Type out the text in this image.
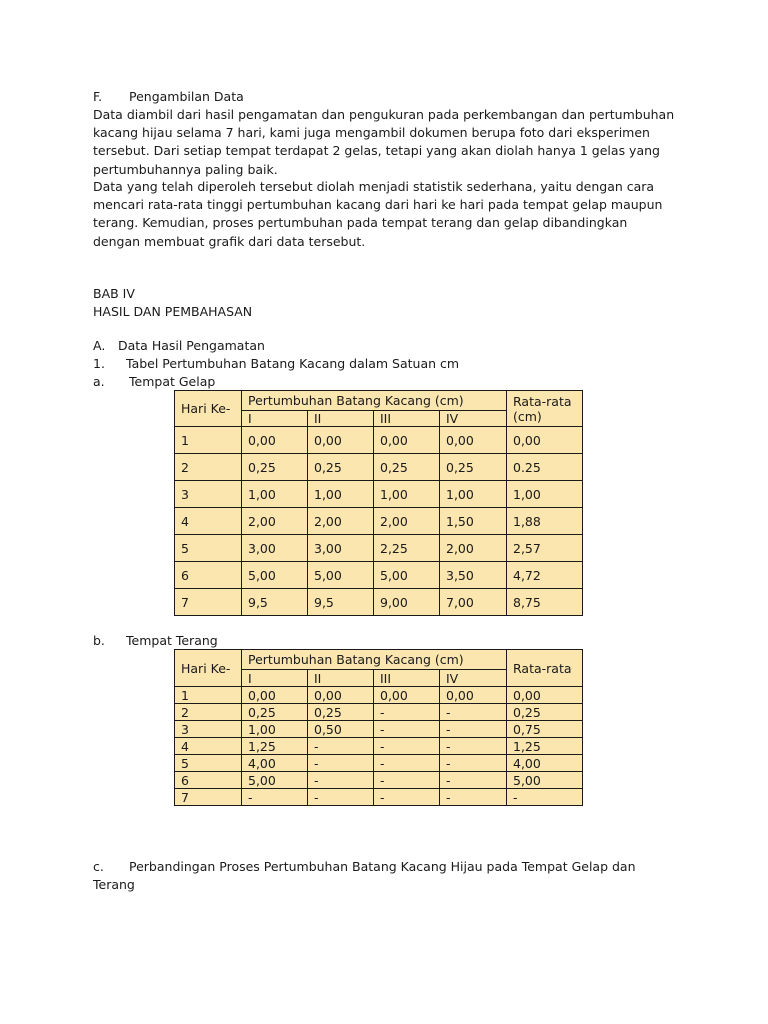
F. Pengambilan Data
Data diambil dari hasil pengamatan dan pengukuran pada perkembangan dan pertumbuhan
kacang hijau selama 7 hari, kami juga mengambil dokumen berupa foto dari eksperimen
tersebut. Dari setiap tempat terdapat 2 gelas, tetapi yang akan diolah hanya 1 gelas yang
pertumbuhannya paling baik.
Data yang telah diperoleh tersebut diolah menjadi statistik sederhana, yaitu dengan cara
mencari rata-rata tinggi pertumbuhan kacang dari hari ke hari pada tempat gelap maupun
terang. Kemudian, proses pertumbuhan pada tempat terang dan gelap dibandingkan
dengan membuat grafik dari data tersebut.
BAB IV
HASIL DAN PEMBAHASAN
A. Data Hasil Pengamatan
1. Tabel Pertumbuhan Batang Kacang dalam Satuan cm
a. Tempat Gelap
Hari Ke-	Pertumbuhan Batang Kacang (cm)				Rata-rata
(cm)
	I	II	III	IV	
1	0,00	0,00	0,00	0,00	0,00
2	0,25	0,25	0,25	0,25	0.25
3	1,00	1,00	1,00	1,00	1,00
4	2,00	2,00	2,00	1,50	1,88
5	3,00	3,00	2,25	2,00	2,57
6	5,00	5,00	5,00	3,50	4,72
7	9,5	9,5	9,00	7,00	8,75
b. Tempat Terang
Hari Ke-	Pertumbuhan Batang Kacang (cm)				Rata-rata
	I	II	III	IV	
1	0,00	0,00	0,00	0,00	0,00
2	0,25	0,25	-	-	0,25
3	1,00	0,50	-	-	0,75
4	1,25	-	-	-	1,25
5	4,00	-	-	-	4,00
6	5,00	-	-	-	5,00
7	-	-	-	-	-
c. Perbandingan Proses Pertumbuhan Batang Kacang Hijau pada Tempat Gelap dan
Terang
